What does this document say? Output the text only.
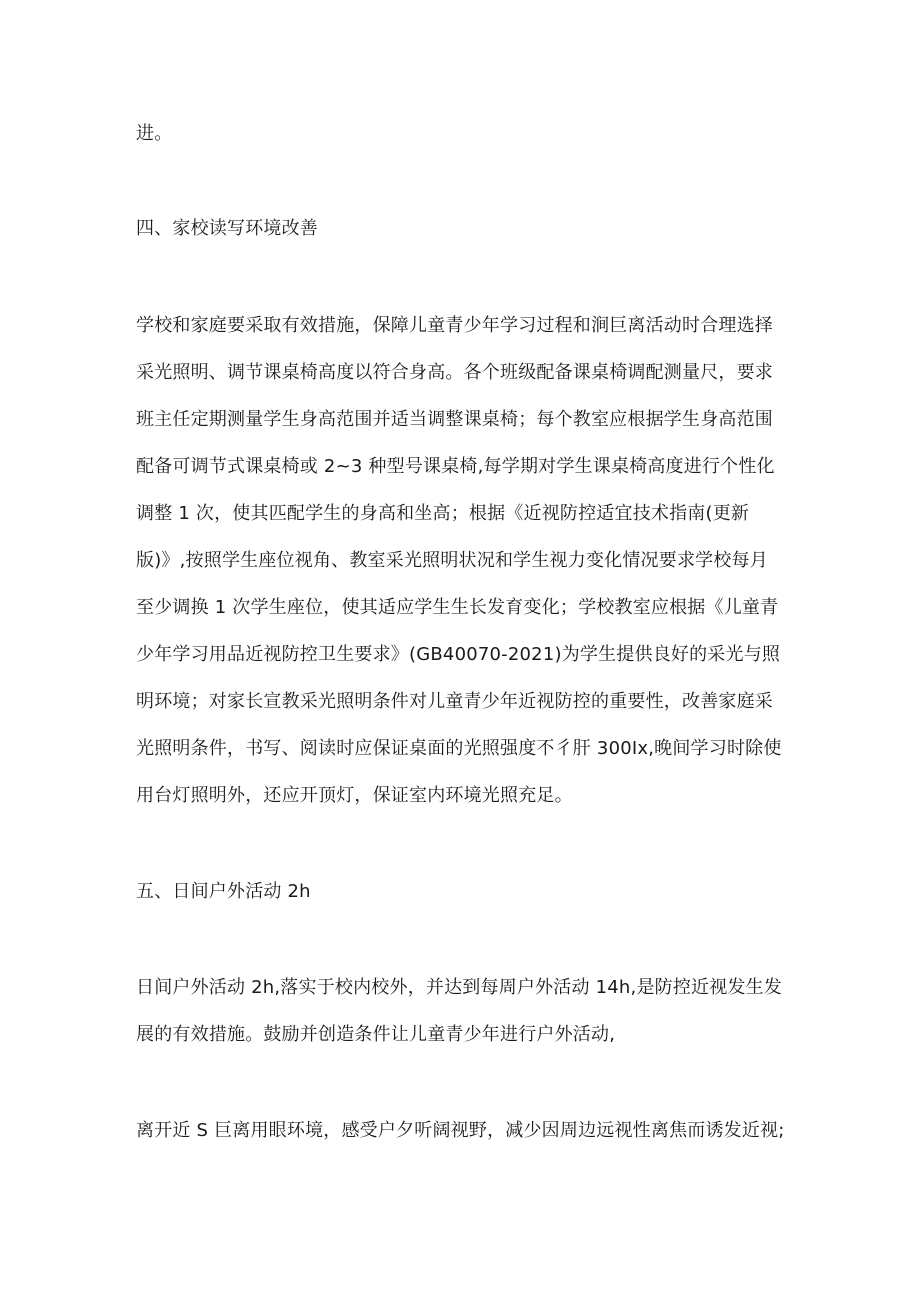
进。
四、家校读写环境改善
学校和家庭要采取有效措施，保障儿童青少年学习过程和涧巨离活动时合理选择
采光照明、调节课桌椅高度以符合身高。各个班级配备课桌椅调配测量尺，要求
班主任定期测量学生身高范围并适当调整课桌椅；每个教室应根据学生身高范围
配备可调节式课桌椅或 2~3 种型号课桌椅,每学期对学生课桌椅高度进行个性化
调整 1 次，使其匹配学生的身高和坐高；根据《近视防控适宜技术指南(更新
版)》,按照学生座位视角、教室采光照明状况和学生视力变化情况要求学校每月
至少调换 1 次学生座位，使其适应学生生长发育变化；学校教室应根据《儿童青
少年学习用品近视防控卫生要求》(GB40070-2021)为学生提供良好的采光与照
明环境；对家长宣教采光照明条件对儿童青少年近视防控的重要性，改善家庭采
光照明条件，书写、阅读时应保证桌面的光照强度不彳肝 300Ix,晚间学习时除使
用台灯照明外，还应开顶灯，保证室内环境光照充足。
五、日间户外活动 2h
日间户外活动 2h,落实于校内校外，并达到每周户外活动 14h,是防控近视发生发
展的有效措施。鼓励并创造条件让儿童青少年进行户外活动,
离开近 S 巨离用眼环境，感受户夕听阔视野，减少因周边远视性离焦而诱发近视;
